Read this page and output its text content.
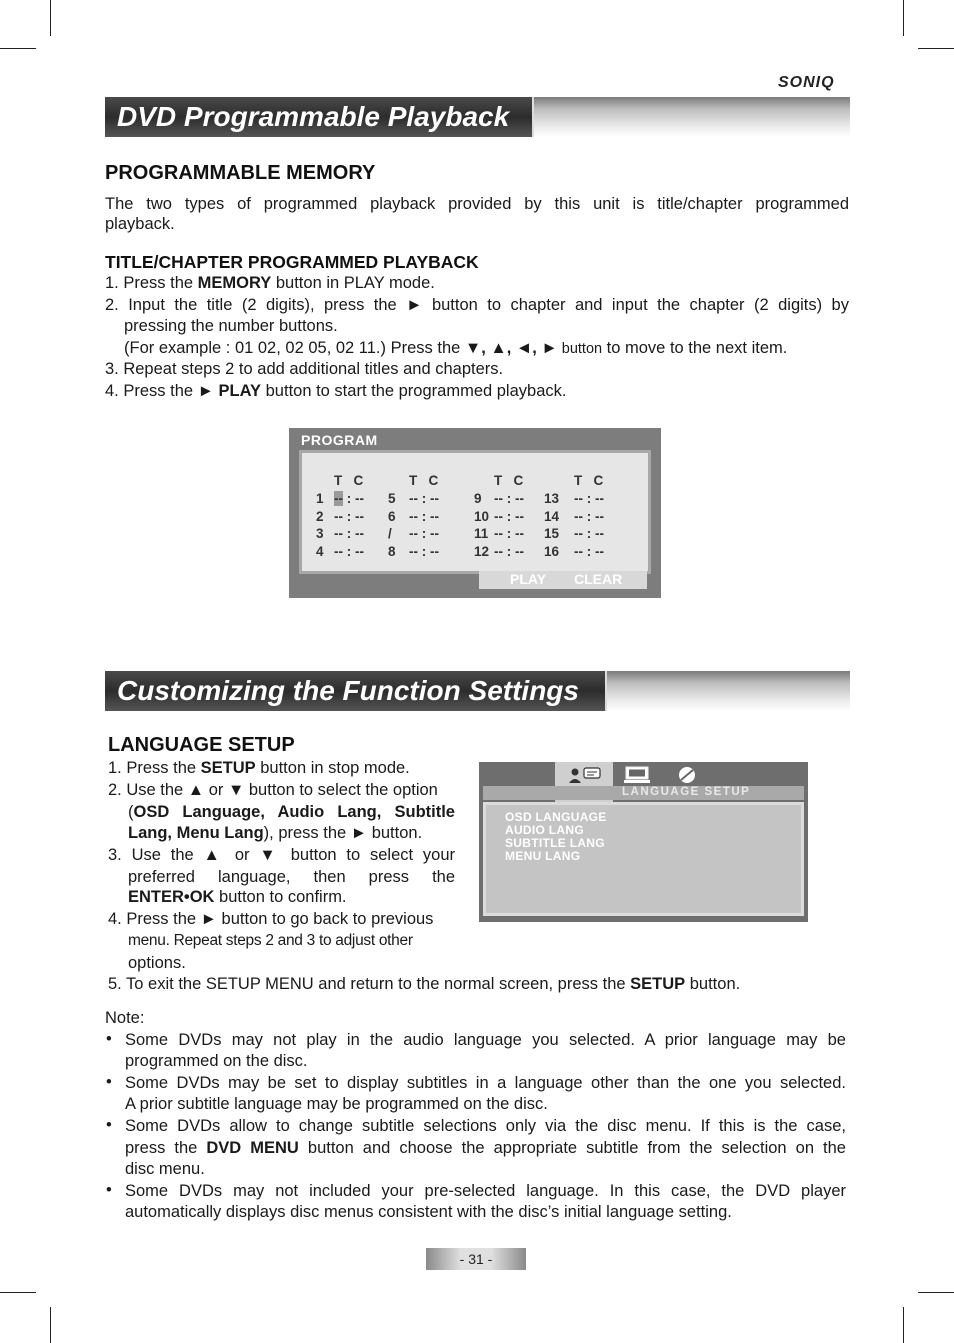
SONIQ
DVD Programmable Playback
PROGRAMMABLE MEMORY
The two types of programmed playback provided by this unit is title/chapter programmed
playback.
TITLE/CHAPTER PROGRAMMED PLAYBACK
1. Press the MEMORY button in PLAY mode.
2. Input the title (2 digits), press the ► button to chapter and input the chapter (2 digits) by
pressing the number buttons.
(For example : 01 02, 02 05, 02 11.) Press the ▼, ▲, ◄, ► button to move to the next item.
3. Repeat steps 2 to add additional titles and chapters.
4. Press the ► PLAY button to start the programmed playback.
PROGRAM
T   C	T   C	T   C	T   C
1 -- : -- 5 -- : --	9 -- : -- 13 -- : --
2 -- : -- 6 -- : --	10 -- : -- 14 -- : --
3 -- : -- / -- : --	11 -- : -- 15 -- : --
4 -- : -- 8 -- : --	12 -- : -- 16 -- : --
PLAY CLEAR
Customizing the Function Settings
LANGUAGE SETUP
1. Press the SETUP button in stop mode.
2. Use the ▲ or ▼ button to select the option
(OSD Language, Audio Lang, Subtitle
Lang, Menu Lang), press the ► button.
3. Use the ▲ or ▼ button to select your
preferred language, then press the
ENTER•OK button to confirm.
4. Press the ► button to go back to previous
menu. Repeat steps 2 and 3 to adjust other
options.
5. To exit the SETUP MENU and return to the normal screen, press the SETUP button.
LANGUAGE SETUP
OSD LANGUAGE
AUDIO LANG
SUBTITLE LANG
MENU LANG
Note:
• Some DVDs may not play in the audio language you selected. A prior language may be
programmed on the disc.
• Some DVDs may be set to display subtitles in a language other than the one you selected.
A prior subtitle language may be programmed on the disc.
• Some DVDs allow to change subtitle selections only via the disc menu. If this is the case,
press the DVD MENU button and choose the appropriate subtitle from the selection on the
disc menu.
• Some DVDs may not included your pre-selected language. In this case, the DVD player
automatically displays disc menus consistent with the disc’s initial language setting.
- 31 -
